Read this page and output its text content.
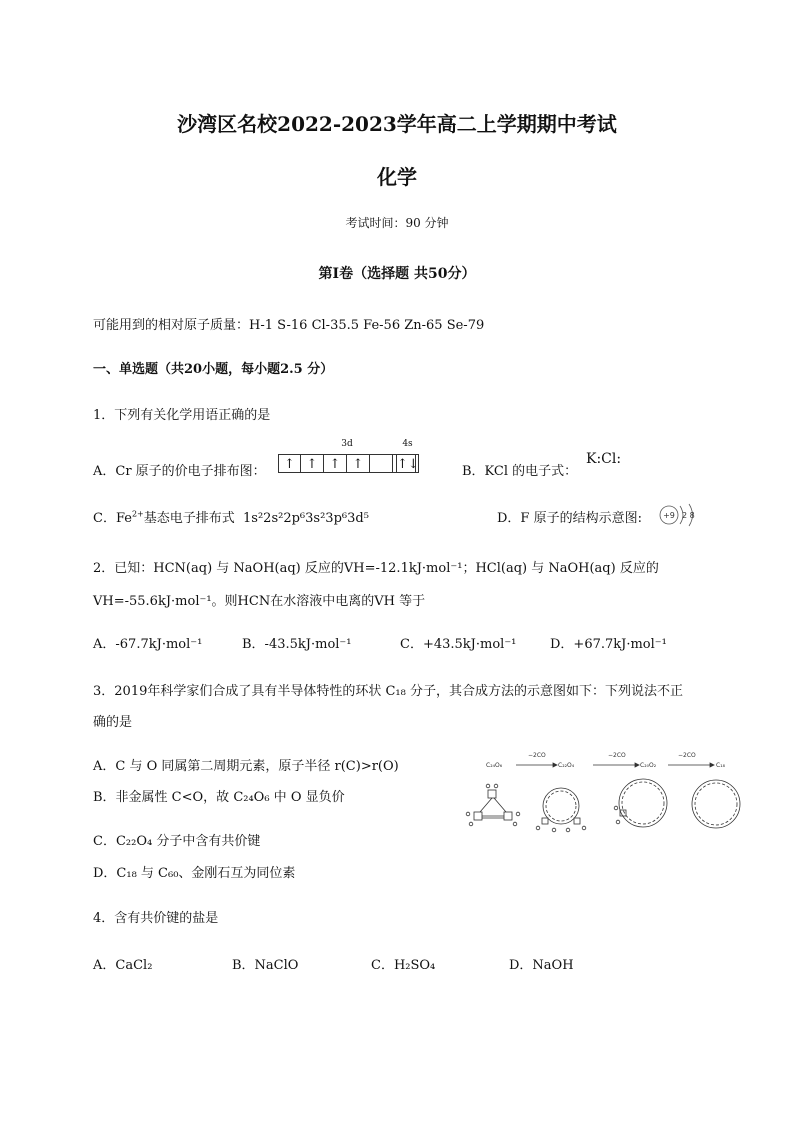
沙湾区名校2022-2023学年高二上学期期中考试
化学
考试时间：90 分钟
第Ⅰ卷（选择题 共50分）
可能用到的相对原子质量：H-1 S-16 Cl-35.5 Fe-56 Zn-65 Se-79
一、单选题（共20小题，每小题2.5 分）
1．下列有关化学用语正确的是
A．Cr 原子的价电子排布图：
3d
↑ ↑ ↑ ↑
4s
↑↓	B．KCl 的电子式：
K:Cl:
C．$Fe^{2+}$基态电子排布式 1s²2s²2p⁶3s²3p⁶3d⁵	D．F 原子的结构示意图:	+9 2 8
2．已知：HCN(aq) 与 NaOH(aq) 反应的VH=-12.1kJ·mol⁻¹；HCl(aq) 与 NaOH(aq) 反应的
VH=-55.6kJ·mol⁻¹。则HCN在水溶液中电离的VH 等于
A．-67.7kJ·mol⁻¹	B．-43.5kJ·mol⁻¹	C．+43.5kJ·mol⁻¹	D．+67.7kJ·mol⁻¹
3．2019年科学家们合成了具有半导体特性的环状 C₁₈ 分子，其合成方法的示意图如下：下列说法不正
确的是
A．C 与 O 同属第二周期元素，原子半径 r(C)>r(O)
B．非金属性 C<O，故 C₂₄O₆ 中 O 显负价
C．C₂₂O₄ 分子中含有共价键
D．C₁₈ 与 C₆₀、金刚石互为同位素
C₂₄O₆	C₂₂O₄	C₂₀O₂	C₁₈
−2CO	−2CO	−2CO
4．含有共价键的盐是
A．CaCl₂	B．NaClO	C．H₂SO₄	D．NaOH
